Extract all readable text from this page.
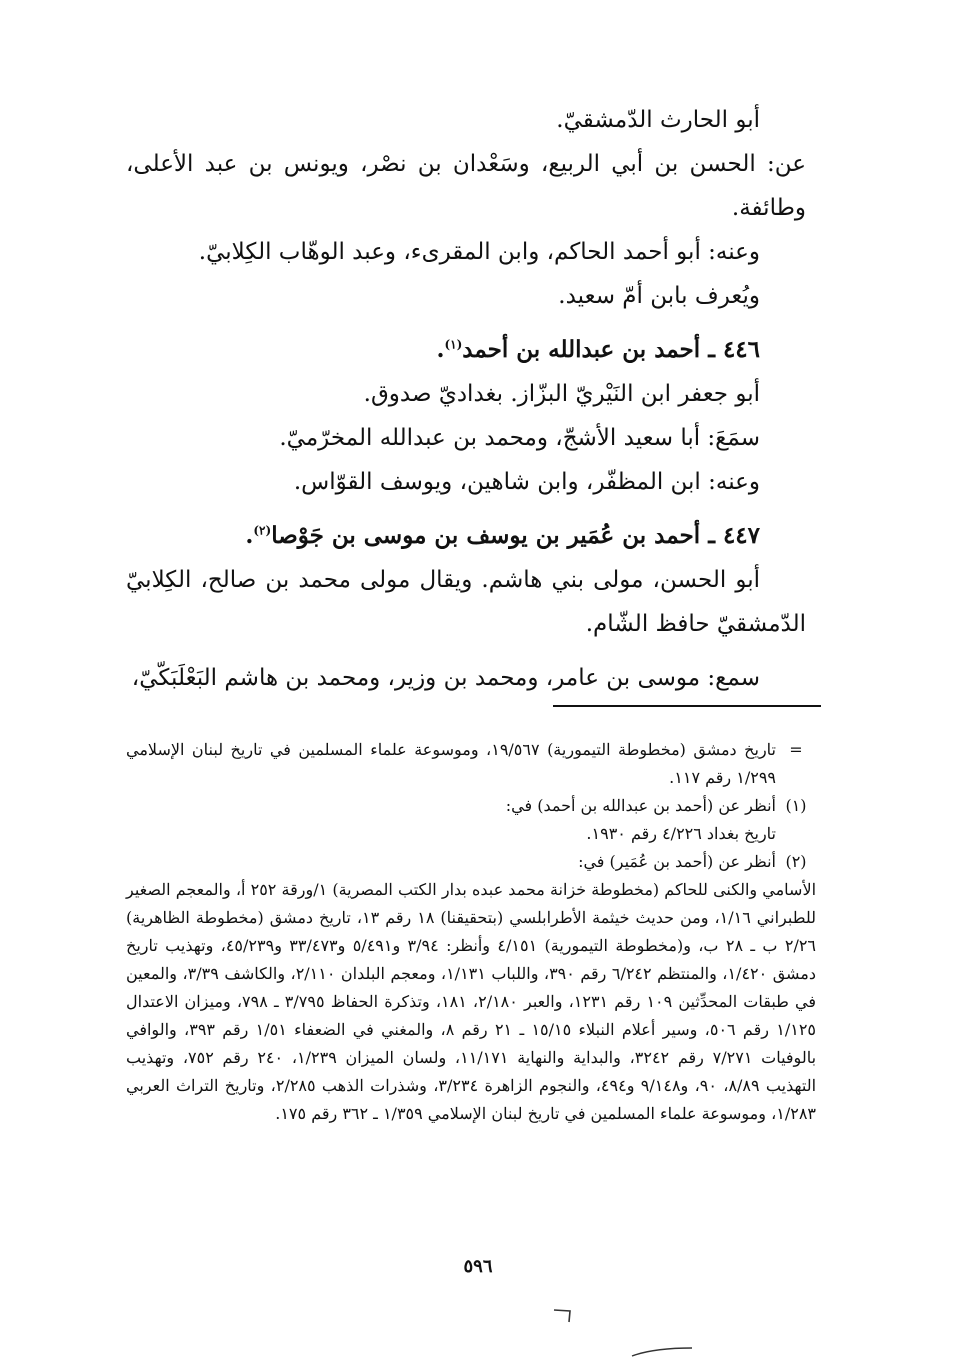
أبو الحارث الدّمشقيّ.

عن: الحسن بن أبي الربيع، وسَعْدان بن نصْر، ويونس بن عبد الأعلى، وطائفة.

وعنه: أبو أحمد الحاكم، وابن المقرىء، وعبد الوهّاب الكِلابيّ.

ويُعرف بابن أمّ سعيد.

٤٤٦ ـ أحمد بن عبدالله بن أحمد$^{(١)}$.

أبو جعفر ابن النَيْريّ البزّاز. بغداديّ صدوق.

سمَعَ: أبا سعيد الأشجّ، ومحمد بن عبدالله المخرّميّ.

وعنه: ابن المظفّر، وابن شاهين، ويوسف القوّاس.

٤٤٧ ـ أحمد بن عُمَير بن يوسف بن موسى بن جَوْصا$^{(٢)}$.

أبو الحسن، مولى بني هاشم. ويقال مولى محمد بن صالح، الكِلابيّ الدّمشقيّ حافظ الشّام.

سمع: موسى بن عامر، ومحمد بن وزير، ومحمد بن هاشم البَعْلَبَكّيّ،

=

تاريخ دمشق (مخطوطة التيمورية) ١٩/٥٦٧، وموسوعة علماء المسلمين في تاريخ لبنان الإسلامي ١/٢٩٩ رقم ١١٧.

(١)

أنظر عن (أحمد بن عبدالله بن أحمد) في:

تاريخ بغداد ٤/٢٢٦ رقم ١٩٣٠.

(٢)

أنظر عن (أحمد بن عُمَير) في:

الأسامي والكنى للحاكم (مخطوطة خزانة محمد عبده بدار الكتب المصرية) ١/ورقة ٢٥٢ أ، والمعجم الصغير للطبراني ١/١٦، ومن حديث خيثمة الأطرابلسي (بتحقيقنا) ١٨ رقم ١٣، تاريخ دمشق (مخطوطة الظاهرية) ٢/٢٦ ب ـ ٢٨ ب، و(مخطوطة التيمورية) ٤/١٥١ وأنظر: ٣/٩٤ و٥/٤٩١ و٣٣/٤٧٣ و٤٥/٢٣٩، وتهذيب تاريخ دمشق ١/٤٢٠، والمنتظم ٦/٢٤٢ رقم ٣٩٠، واللباب ١/١٣١، ومعجم البلدان ٢/١١٠، والكاشف ٣/٣٩، والمعين في طبقات المحدِّثين ١٠٩ رقم ١٢٣١، والعبر ٢/١٨٠، ١٨١، وتذكرة الحفاظ ٣/٧٩٥ ـ ٧٩٨، وميزان الاعتدال ١/١٢٥ رقم ٥٠٦، وسير أعلام النبلاء ١٥/١٥ ـ ٢١ رقم ٨، والمغني في الضعفاء ١/٥١ رقم ٣٩٣، والوافي بالوفيات ٧/٢٧١ رقم ٣٢٤٢، والبداية والنهاية ١١/١٧١، ولسان الميزان ١/٢٣٩، ٢٤٠ رقم ٧٥٢، وتهذيب التهذيب ٨/٨٩، ٩٠، و٩/١٤٨ و٤٩٤، والنجوم الزاهرة ٣/٢٣٤، وشذرات الذهب ٢/٢٨٥، وتاريخ التراث العربي ١/٢٨٣، وموسوعة علماء المسلمين في تاريخ لبنان الإسلامي ١/٣٥٩ ـ ٣٦٢ رقم ١٧٥.

٥٩٦
